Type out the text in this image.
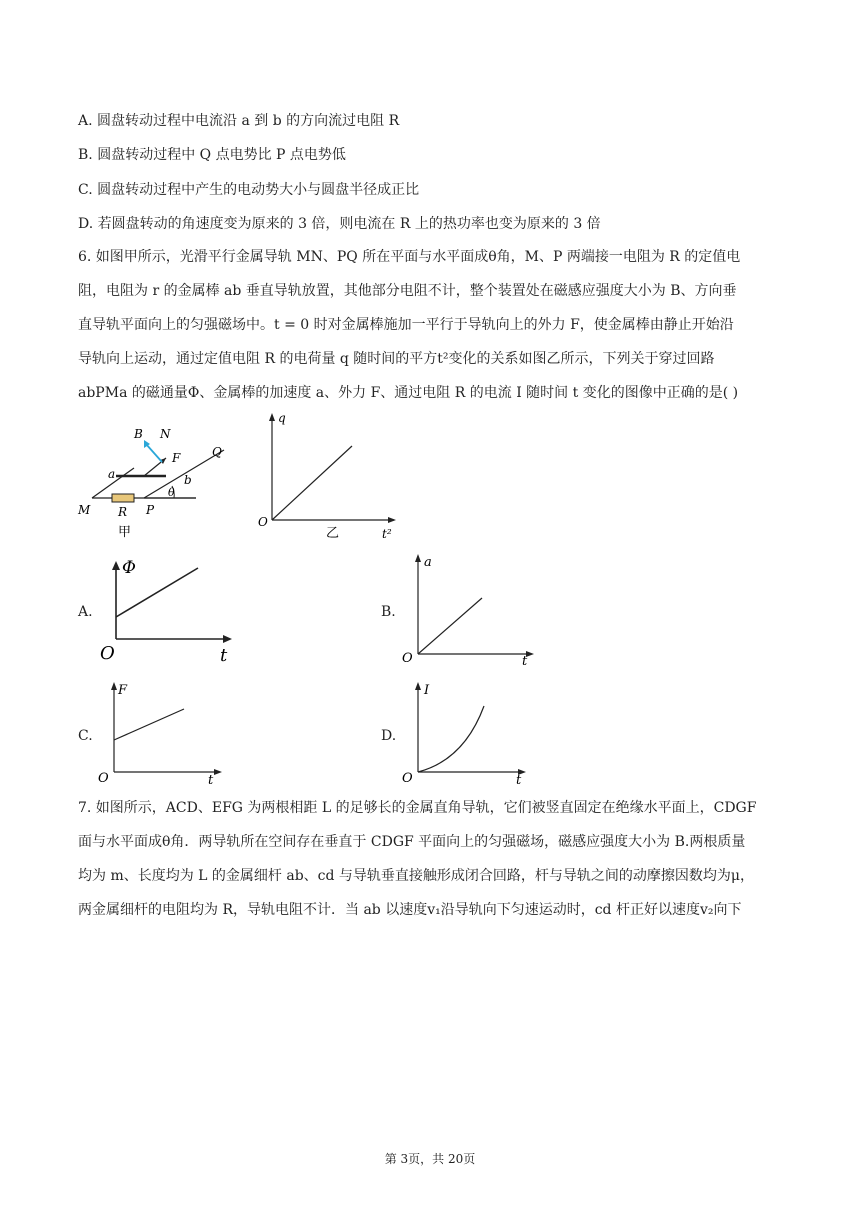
A. 圆盘转动过程中电流沿 a 到 b 的方向流过电阻 R
B. 圆盘转动过程中 Q 点电势比 P 点电势低
C. 圆盘转动过程中产生的电动势大小与圆盘半径成正比
D. 若圆盘转动的角速度变为原来的 3 倍，则电流在 R 上的热功率也变为原来的 3 倍
6. 如图甲所示，光滑平行金属导轨 MN、PQ 所在平面与水平面成θ角，M、P 两端接一电阻为 R 的定值电
阻，电阻为 r 的金属棒 ab 垂直导轨放置，其他部分电阻不计，整个装置处在磁感应强度大小为 B、方向垂
直导轨平面向上的匀强磁场中。t = 0 时对金属棒施加一平行于导轨向上的外力 F，使金属棒由静止开始沿
导轨向上运动，通过定值电阻 R 的电荷量 q 随时间的平方t²变化的关系如图乙所示，下列关于穿过回路
abPMa 的磁通量Φ、金属棒的加速度 a、外力 F、通过电阻 R 的电流 I 随时间 t 变化的图像中正确的是( )
B N
F	Q
a	b
θ
M R P
甲
q
O
乙	t²
A.
Φ
O	t
B.
a
O	t
C.
F
O	t
D.
I
O	t
7. 如图所示，ACD、EFG 为两根相距 L 的足够长的金属直角导轨，它们被竖直固定在绝缘水平面上，CDGF
面与水平面成θ角．两导轨所在空间存在垂直于 CDGF 平面向上的匀强磁场，磁感应强度大小为 B.两根质量
均为 m、长度均为 L 的金属细杆 ab、cd 与导轨垂直接触形成闭合回路，杆与导轨之间的动摩擦因数均为μ，
两金属细杆的电阻均为 R，导轨电阻不计．当 ab 以速度v₁沿导轨向下匀速运动时，cd 杆正好以速度v₂向下
第 3页，共 20页
